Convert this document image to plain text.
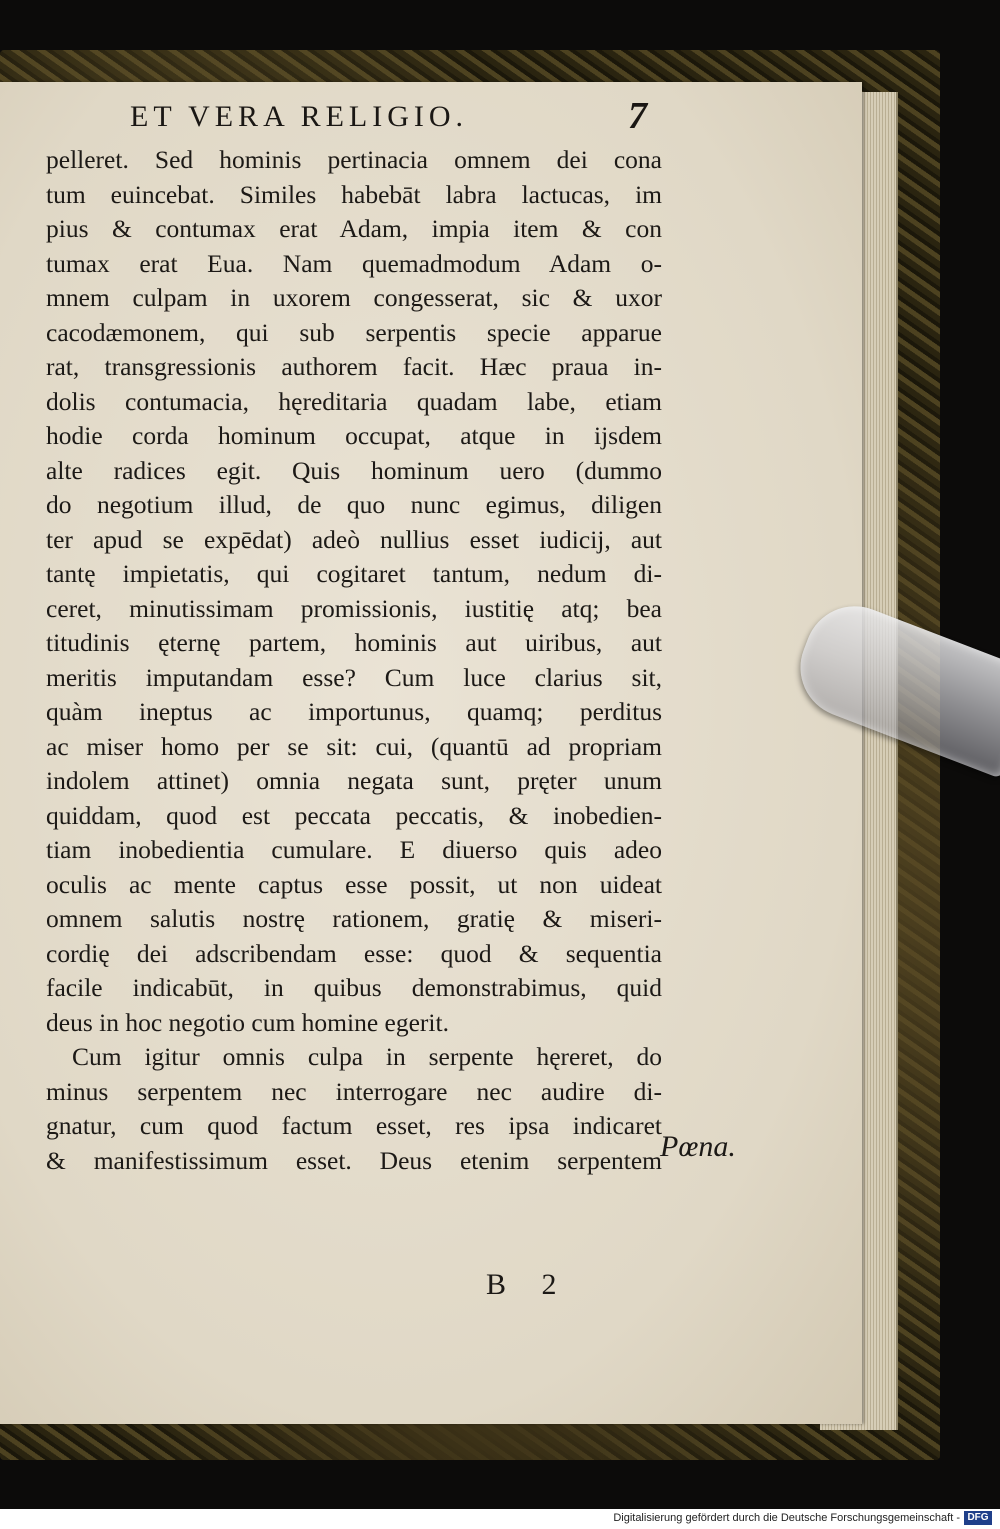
ET VERA RELIGIO.	7
pelleret. Sed hominis pertinacia omnem dei cona
tum euincebat. Similes habebāt labra lactucas, im
pius & contumax erat Adam, impia item & con
tumax erat Eua. Nam quemadmodum Adam o-
mnem culpam in uxorem congesserat, sic & uxor
cacodæmonem, qui sub serpentis specie apparue
rat, transgressionis authorem facit. Hæc praua in-
dolis contumacia, hęreditaria quadam labe, etiam
hodie corda hominum occupat, atque in ijsdem
alte radices egit. Quis hominum uero (dummo
do negotium illud, de quo nunc egimus, diligen
ter apud se expēdat) adeò nullius esset iudicij, aut
tantę impietatis, qui cogitaret tantum, nedum di-
ceret, minutissimam promissionis, iustitię atq; bea
titudinis ęternę partem, hominis aut uiribus, aut
meritis imputandam esse? Cum luce clarius sit,
quàm ineptus ac importunus, quamq; perditus
ac miser homo per se sit: cui, (quantū ad propriam
indolem attinet) omnia negata sunt, pręter unum
quiddam, quod est peccata peccatis, & inobedien-
tiam inobedientia cumulare. E diuerso quis adeo
oculis ac mente captus esse possit, ut non uideat
omnem salutis nostrę rationem, gratię & miseri-
cordię dei adscribendam esse: quod & sequentia
facile indicabūt, in quibus demonstrabimus, quid
deus in hoc negotio cum homine egerit.
Cum igitur omnis culpa in serpente hęreret, do
minus serpentem nec interrogare nec audire di-
gnatur, cum quod factum esset, res ipsa indicaret
& manifestissimum esset. Deus etenim serpentem
Pœna.
B 2
Digitalisierung gefördert durch die Deutsche Forschungsgemeinschaft - DFG
